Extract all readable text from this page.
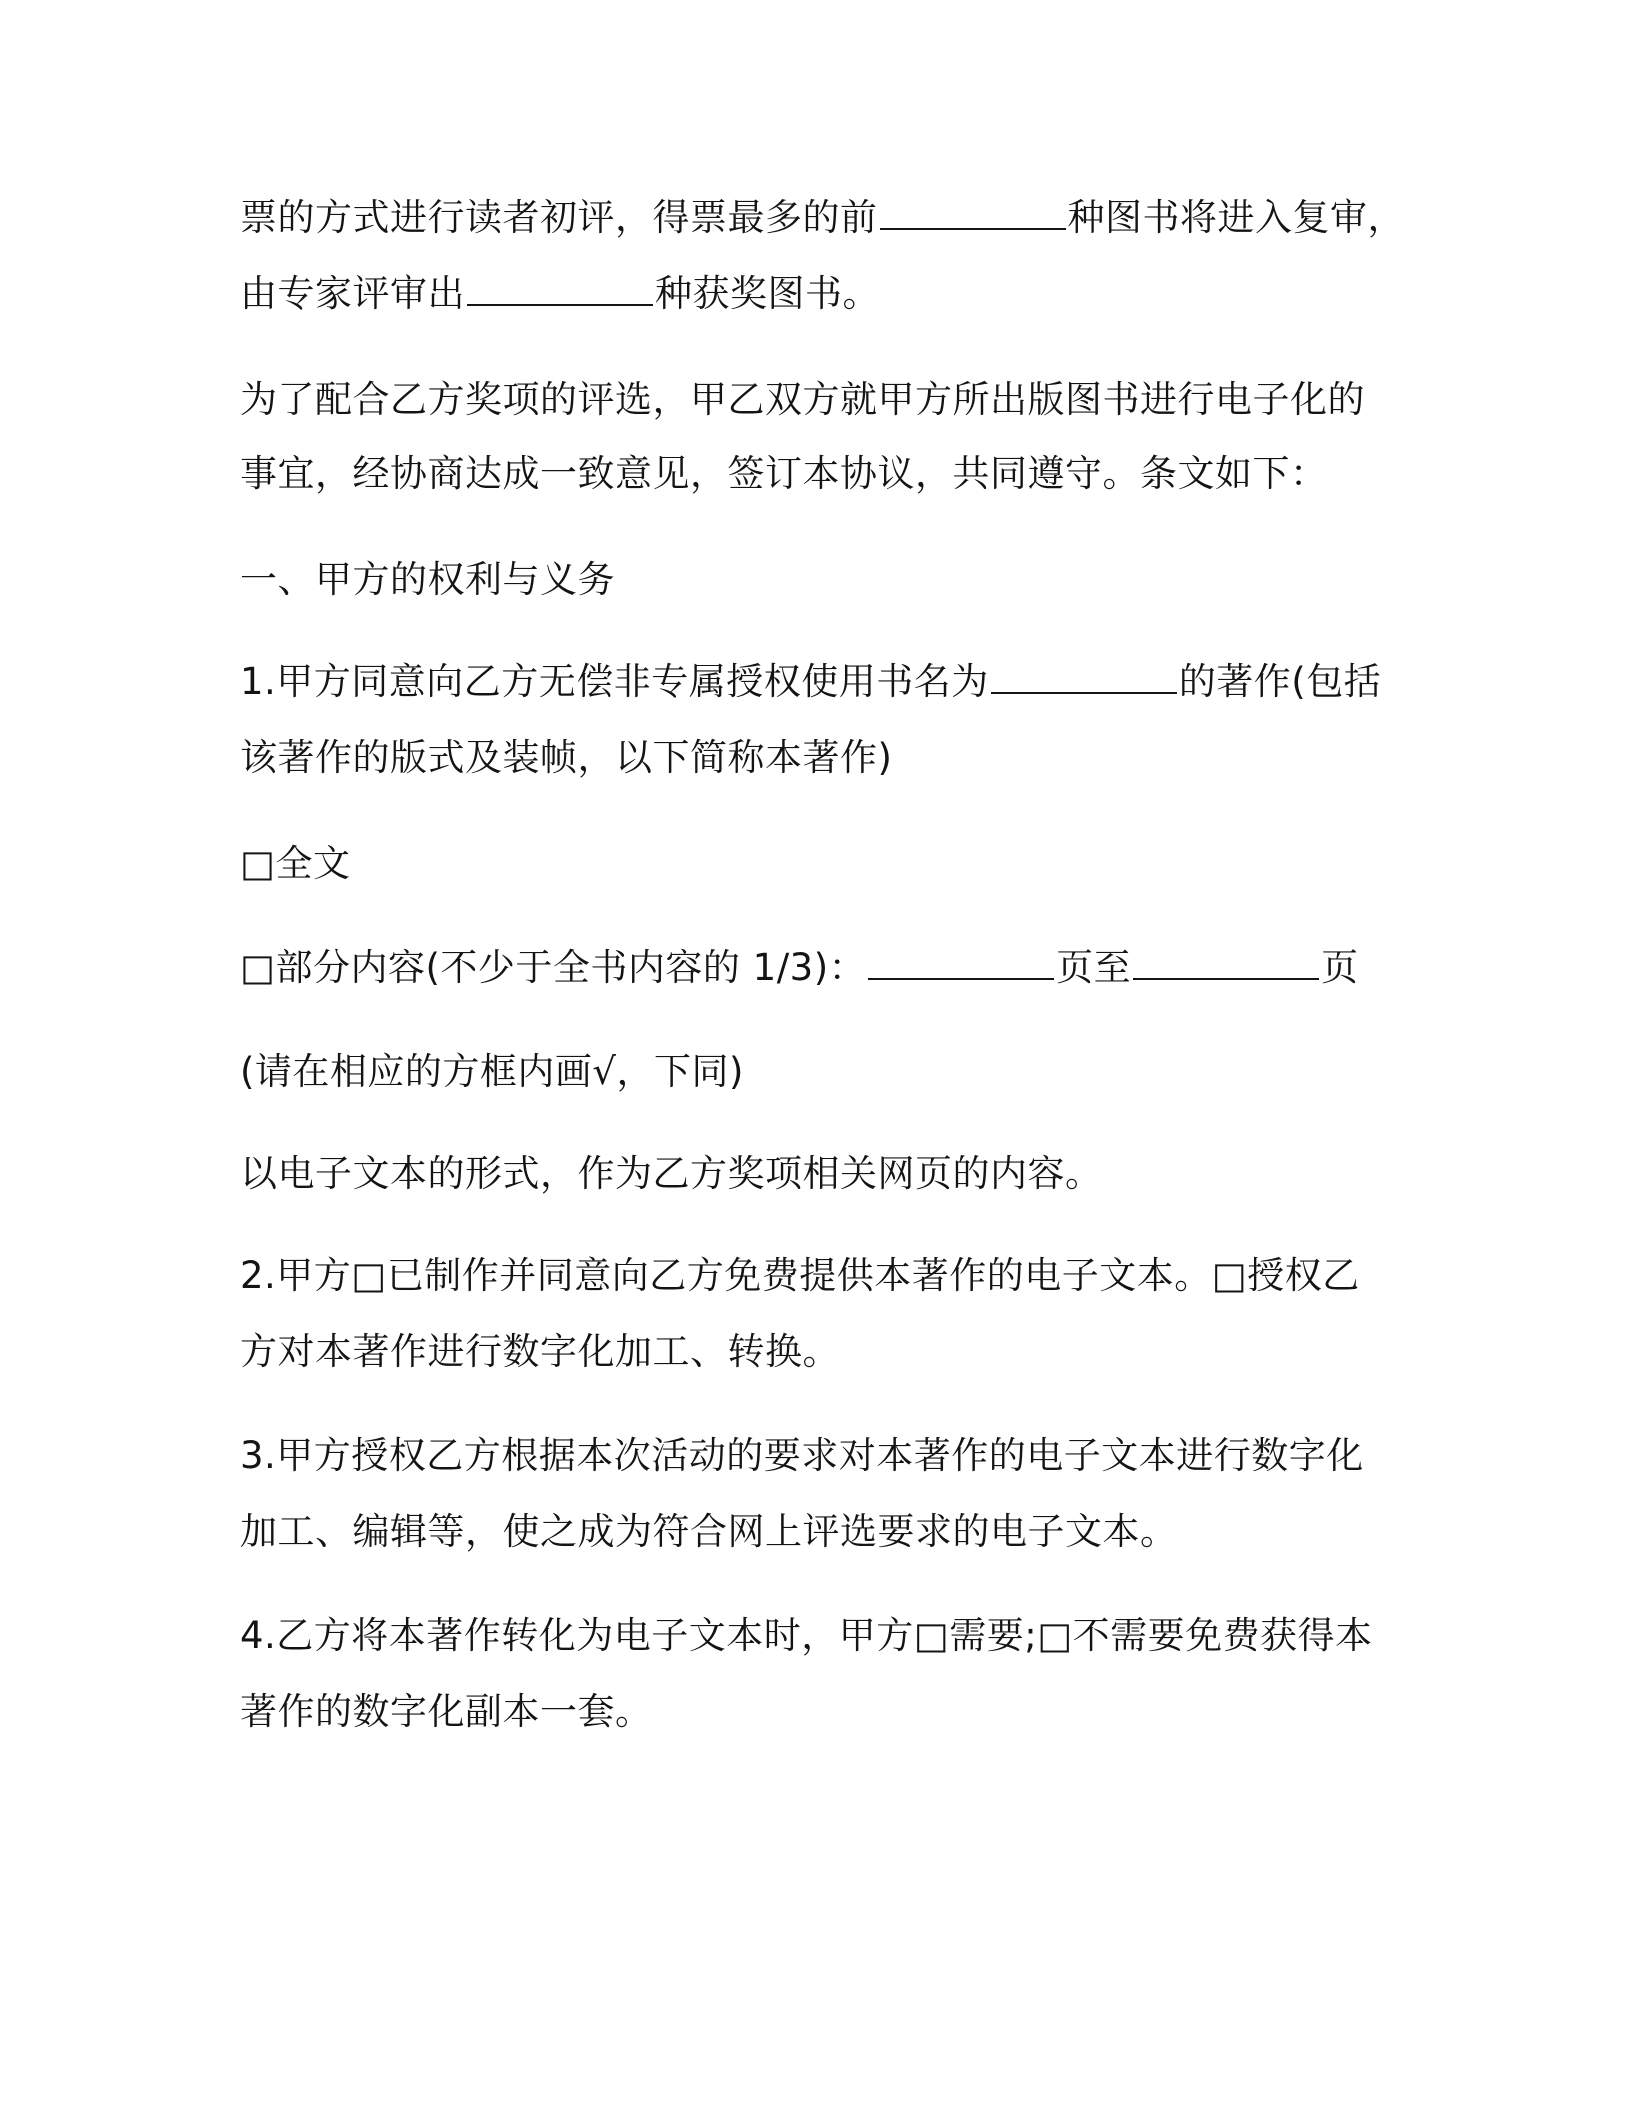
票的方式进行读者初评，得票最多的前	种图书将进入复审，
由专家评审出	种获奖图书。
为了配合乙方奖项的评选，甲乙双方就甲方所出版图书进行电子化的
事宜，经协商达成一致意见，签订本协议，共同遵守。条文如下：
一、甲方的权利与义务
1.甲方同意向乙方无偿非专属授权使用书名为	的著作(包括
该著作的版式及装帧，以下简称本著作)
□全文
□部分内容(不少于全书内容的 1/3)：	页至	页
(请在相应的方框内画√，下同)
以电子文本的形式，作为乙方奖项相关网页的内容。
2.甲方□已制作并同意向乙方免费提供本著作的电子文本。□授权乙
方对本著作进行数字化加工、转换。
3.甲方授权乙方根据本次活动的要求对本著作的电子文本进行数字化
加工、编辑等，使之成为符合网上评选要求的电子文本。
4.乙方将本著作转化为电子文本时，甲方□需要;□不需要免费获得本
著作的数字化副本一套。
